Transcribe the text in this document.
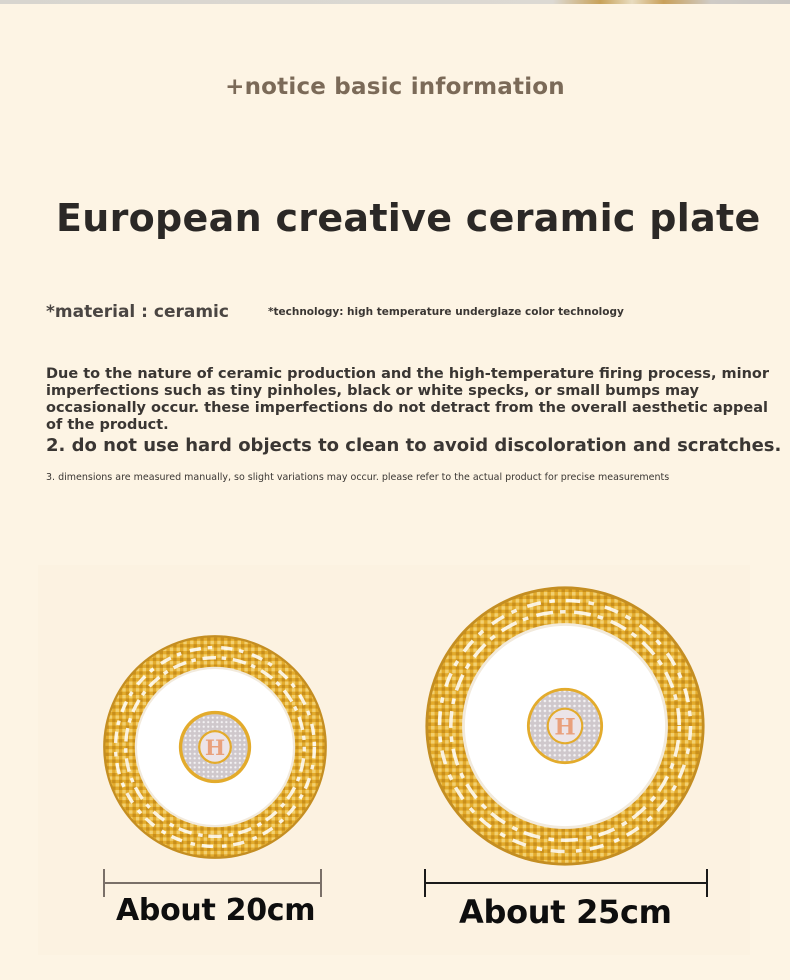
+notice basic information
European creative ceramic plate
*material : ceramic	*technology: high temperature underglaze color technology
Due to the nature of ceramic production and the high-temperature firing process, minor imperfections such as tiny pinholes, black or white specks, or small bumps may occasionally occur. these imperfections do not detract from the overall aesthetic appeal of the product.
2. do not use hard objects to clean to avoid discoloration and scratches.
3. dimensions are measured manually, so slight variations may occur. please refer to the actual product for precise measurements
H
H
About 20cm	About 25cm
